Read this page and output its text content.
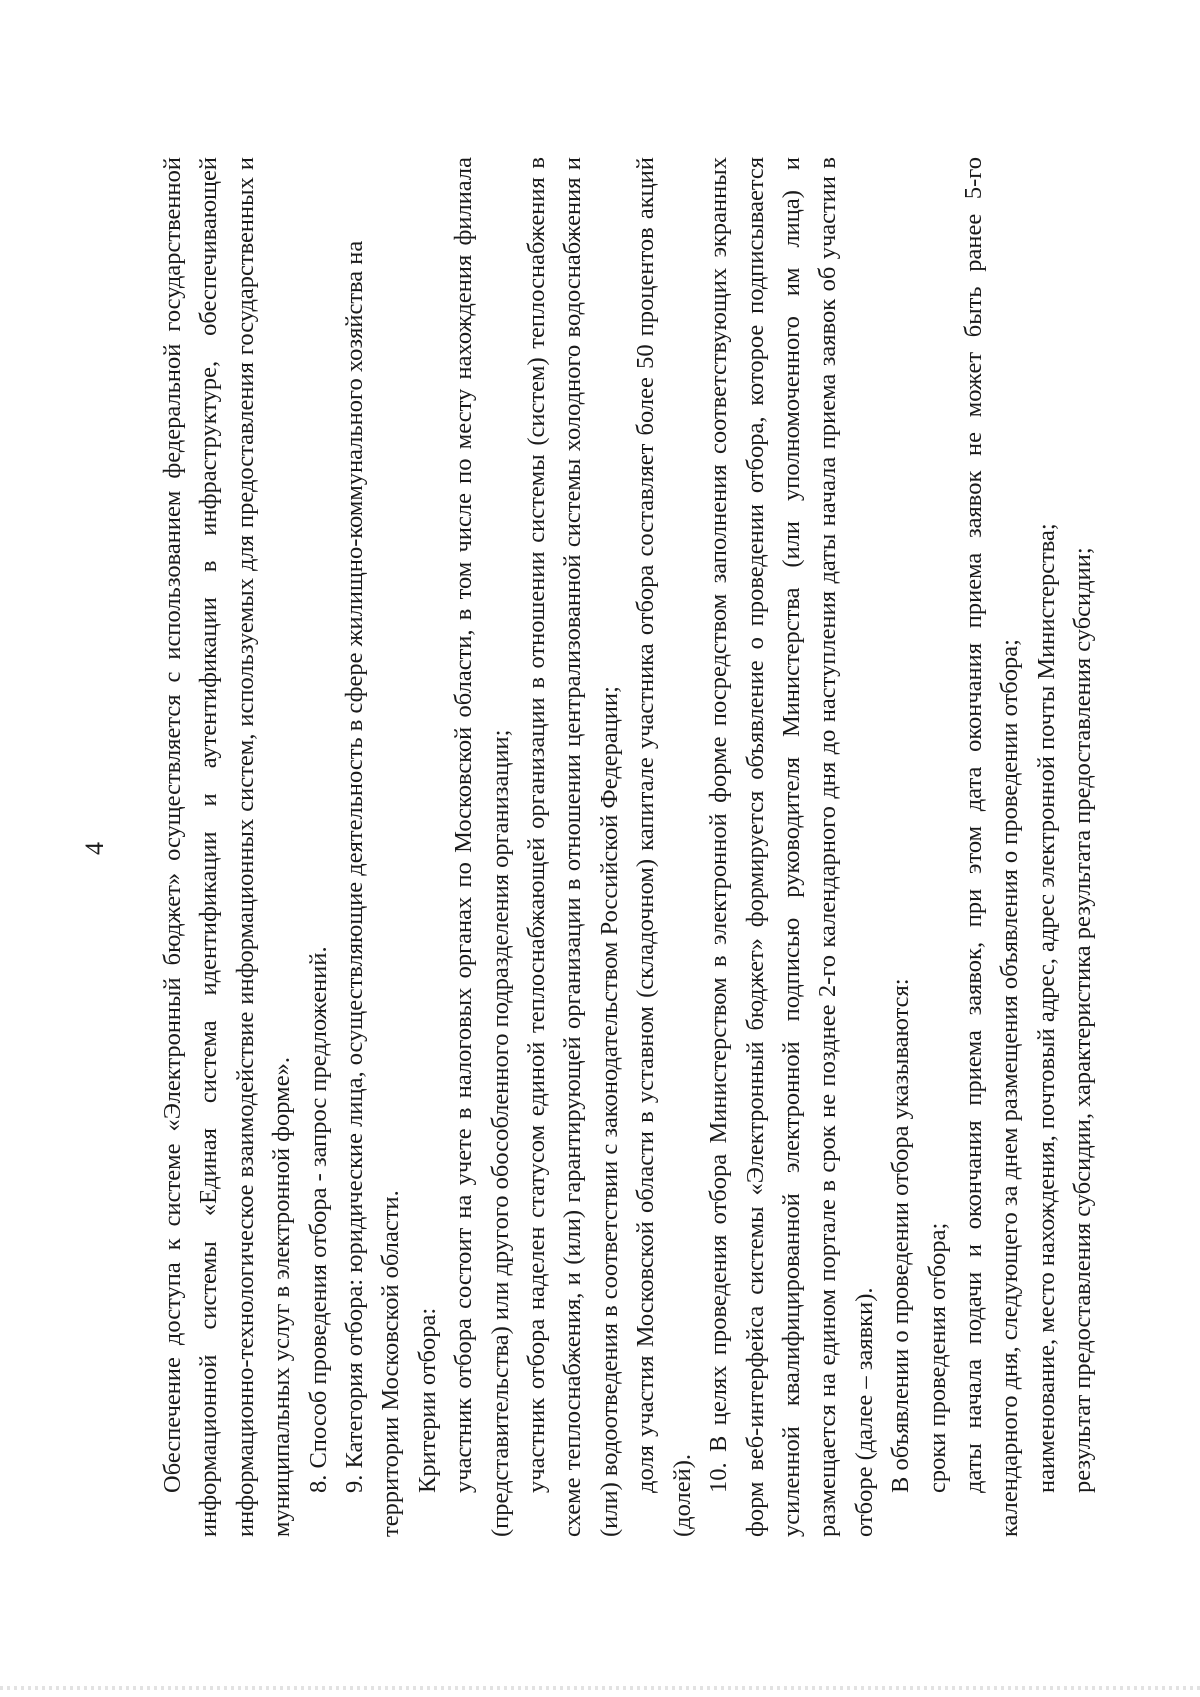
4 Обеспечение доступа к системе «Электронный бюджет» осуществляется с использованием федеральной государственной информационной системы «Единая система идентификации и аутентификации в инфраструктуре, обеспечивающей информационно-технологическое взаимодействие информационных систем, используемых для предоставления государственных и муниципальных услуг в электронной форме». 8. Способ проведения отбора - запрос предложений. 9. Категория отбора: юридические лица, осуществляющие деятельность в сфере жилищно-коммунального хозяйства на территории Московской области. Критерии отбора: участник отбора состоит на учете в налоговых органах по Московской области, в том числе по месту нахождения филиала (представительства) или другого обособленного подразделения организации; участник отбора наделен статусом единой теплоснабжающей организации в отношении системы (систем) теплоснабжения в схеме теплоснабжения, и (или) гарантирующей организации в отношении централизованной системы холодного водоснабжения и (или) водоотведения в соответствии с законодательством Российской Федерации; доля участия Московской области в уставном (складочном) капитале участника отбора составляет более 50 процентов акций (долей).

10. В целях проведения отбора Министерством в электронной форме посредством заполнения соответствующих экранных форм веб-интерфейса системы «Электронный бюджет» формируется объявление о проведении отбора, которое подписывается усиленной квалифицированной электронной подписью руководителя Министерства (или уполномоченного им лица) и размещается на едином портале в срок не позднее 2-го календарного дня до наступления даты начала приема заявок об участии в отборе (далее – заявки). В объявлении о проведении отбора указываются: сроки проведения отбора; даты начала подачи и окончания приема заявок, при этом дата окончания приема заявок не может быть ранее 5-го календарного дня, следующего за днем размещения объявления о проведении отбора; наименование, место нахождения, почтовый адрес, адрес электронной почты Министерства; результат предоставления субсидии, характеристика результата предоставления субсидии;
